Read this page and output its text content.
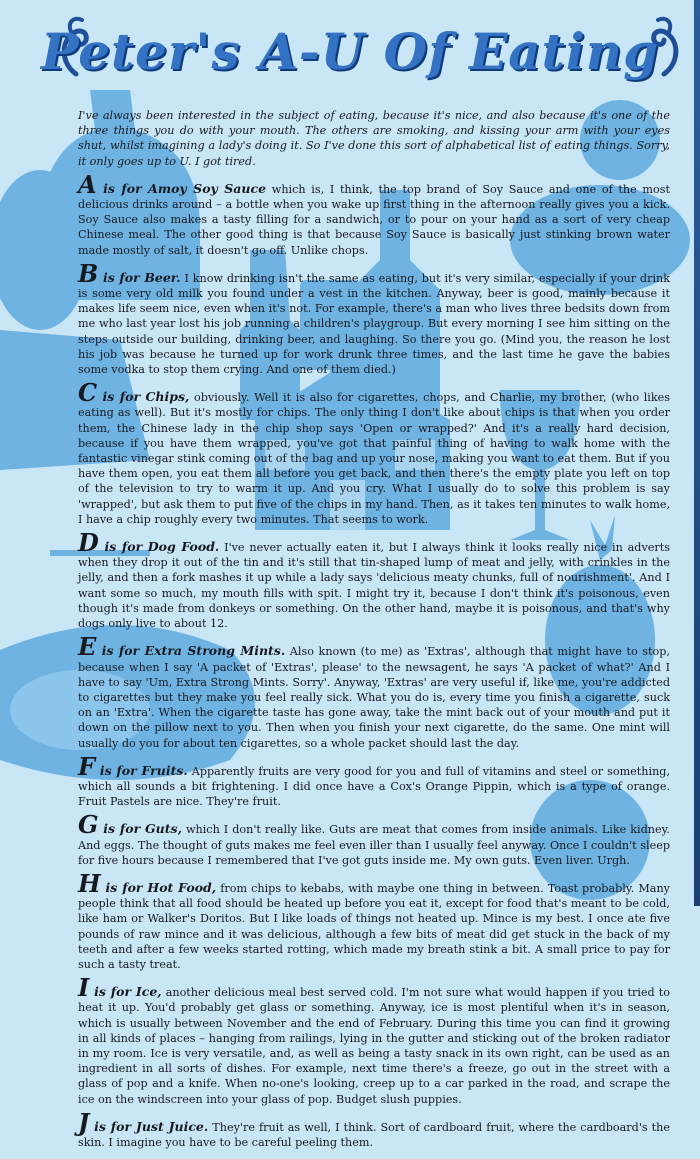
Peter's A-U Of Eating

I've always been interested in the subject of eating, because it's nice, and also because it's one of the three things you do with your mouth. The others are smoking, and kissing your arm with your eyes shut, whilst imagining a lady's doing it. So I've done this sort of alphabetical list of eating things. Sorry, it only goes up to U. I got tired.

A is for Amoy Soy Sauce which is, I think, the top brand of Soy Sauce and one of the most delicious drinks around – a bottle when you wake up first thing in the afternoon really gives you a kick. Soy Sauce also makes a tasty filling for a sandwich, or to pour on your hand as a sort of very cheap Chinese meal. The other good thing is that because Soy Sauce is basically just stinking brown water made mostly of salt, it doesn't go off. Unlike chops.

B is for Beer. I know drinking isn't the same as eating, but it's very similar, especially if your drink is some very old milk you found under a vest in the kitchen. Anyway, beer is good, mainly because it makes life seem nice, even when it's not. For example, there's a man who lives three bedsits down from me who last year lost his job running a children's playgroup. But every morning I see him sitting on the steps outside our building, drinking beer, and laughing. So there you go. (Mind you, the reason he lost his job was because he turned up for work drunk three times, and the last time he gave the babies some vodka to stop them crying. And one of them died.)

C is for Chips, obviously. Well it is also for cigarettes, chops, and Charlie, my brother, (who likes eating as well). But it's mostly for chips. The only thing I don't like about chips is that when you order them, the Chinese lady in the chip shop says 'Open or wrapped?' And it's a really hard decision, because if you have them wrapped, you've got that painful thing of having to walk home with the fantastic vinegar stink coming out of the bag and up your nose, making you want to eat them. But if you have them open, you eat them all before you get back, and then there's the empty plate you left on top of the television to try to warm it up. And you cry. What I usually do to solve this problem is say 'wrapped', but ask them to put five of the chips in my hand. Then, as it takes ten minutes to walk home, I have a chip roughly every two minutes. That seems to work.

D is for Dog Food. I've never actually eaten it, but I always think it looks really nice in adverts when they drop it out of the tin and it's still that tin-shaped lump of meat and jelly, with crinkles in the jelly, and then a fork mashes it up while a lady says 'delicious meaty chunks, full of nourishment'. And I want some so much, my mouth fills with spit. I might try it, because I don't think it's poisonous, even though it's made from donkeys or something. On the other hand, maybe it is poisonous, and that's why dogs only live to about 12.

E is for Extra Strong Mints. Also known (to me) as 'Extras', although that might have to stop, because when I say 'A packet of 'Extras', please' to the newsagent, he says 'A packet of what?' And I have to say 'Um, Extra Strong Mints. Sorry'. Anyway, 'Extras' are very useful if, like me, you're addicted to cigarettes but they make you feel really sick. What you do is, every time you finish a cigarette, suck on an 'Extra'. When the cigarette taste has gone away, take the mint back out of your mouth and put it down on the pillow next to you. Then when you finish your next cigarette, do the same. One mint will usually do you for about ten cigarettes, so a whole packet should last the day.

F is for Fruits. Apparently fruits are very good for you and full of vitamins and steel or something, which all sounds a bit frightening. I did once have a Cox's Orange Pippin, which is a type of orange. Fruit Pastels are nice. They're fruit.

G is for Guts, which I don't really like. Guts are meat that comes from inside animals. Like kidney. And eggs. The thought of guts makes me feel even iller than I usually feel anyway. Once I couldn't sleep for five hours because I remembered that I've got guts inside me. My own guts. Even liver. Urgh.

H is for Hot Food, from chips to kebabs, with maybe one thing in between. Toast probably. Many people think that all food should be heated up before you eat it, except for food that's meant to be cold, like ham or Walker's Doritos. But I like loads of things not heated up. Mince is my best. I once ate five pounds of raw mince and it was delicious, although a few bits of meat did get stuck in the back of my teeth and after a few weeks started rotting, which made my breath stink a bit. A small price to pay for such a tasty treat.

I is for Ice, another delicious meal best served cold. I'm not sure what would happen if you tried to heat it up. You'd probably get glass or something. Anyway, ice is most plentiful when it's in season, which is usually between November and the end of February. During this time you can find it growing in all kinds of places – hanging from railings, lying in the gutter and sticking out of the broken radiator in my room. Ice is very versatile, and, as well as being a tasty snack in its own right, can be used as an ingredient in all sorts of dishes. For example, next time there's a freeze, go out in the street with a glass of pop and a knife. When no-one's looking, creep up to a car parked in the road, and scrape the ice on the windscreen into your glass of pop. Budget slush puppies.

J is for Just Juice. They're fruit as well, I think. Sort of cardboard fruit, where the cardboard's the skin. I imagine you have to be careful peeling them.
